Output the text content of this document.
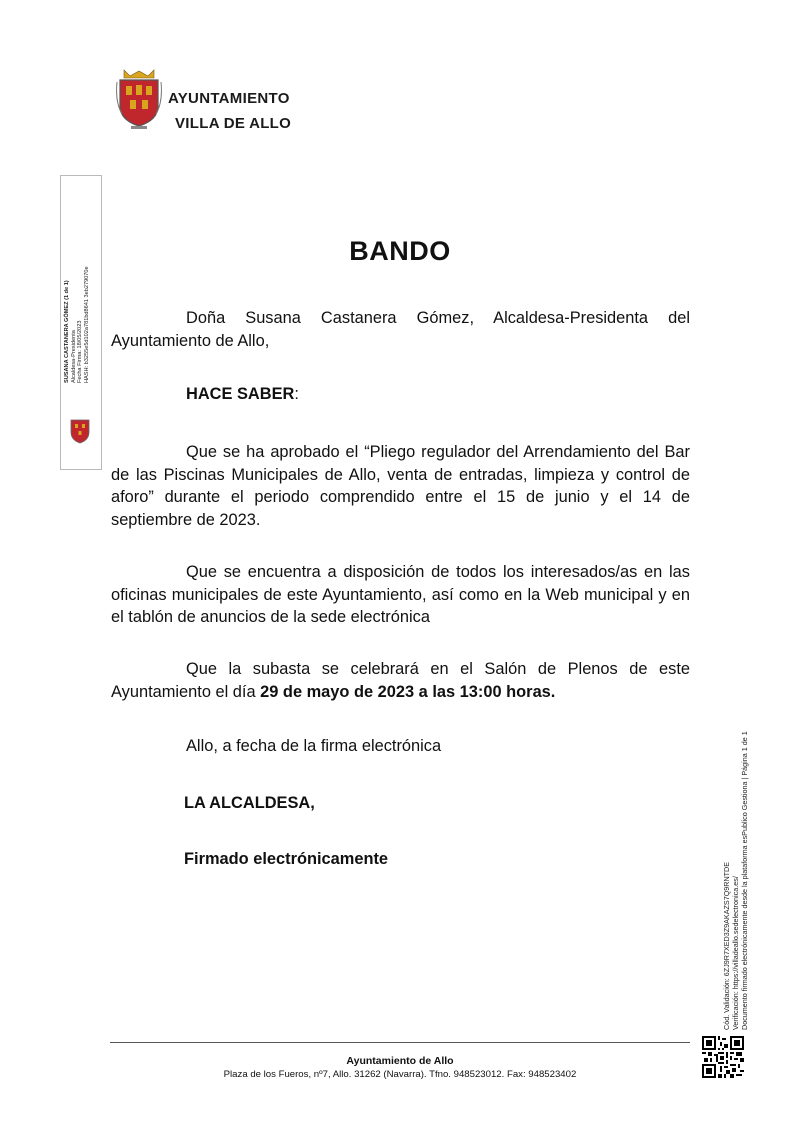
AYUNTAMIENTO
VILLA DE ALLO
SUSANA CASTANERA GÓMEZ (1 de 1) Alcaldesa-Presidenta Fecha Firma: 18/05/2023 HASH: b3255e5d102a781bd8641 3eb279070e
BANDO
Doña Susana Castanera Gómez, Alcaldesa-Presidenta del Ayuntamiento de Allo,
HACE SABER:
Que se ha aprobado el “Pliego regulador del Arrendamiento del Bar de las Piscinas Municipales de Allo, venta de entradas, limpieza y control de aforo” durante el periodo comprendido entre el 15 de junio y el 14 de septiembre de 2023.
Que se encuentra a disposición de todos los interesados/as en las oficinas municipales de este Ayuntamiento, así como en la Web municipal y en el tablón de anuncios de la sede electrónica
Que la subasta se celebrará en el Salón de Plenos de este Ayuntamiento el día 29 de mayo de 2023 a las 13:00 horas.
Allo, a fecha de la firma electrónica
LA ALCALDESA,
Firmado electrónicamente
Cód. Validación: 6ZJ9R7XED3Z9AKAZS7Q9RNTDE Verificación: https://villadeallo.sedelectronica.es/ Documento firmado electrónicamente desde la plataforma esPublico Gestiona | Página 1 de 1
Ayuntamiento de Allo
Plaza de los Fueros, nº7, Allo. 31262 (Navarra). Tfno. 948523012. Fax: 948523402
